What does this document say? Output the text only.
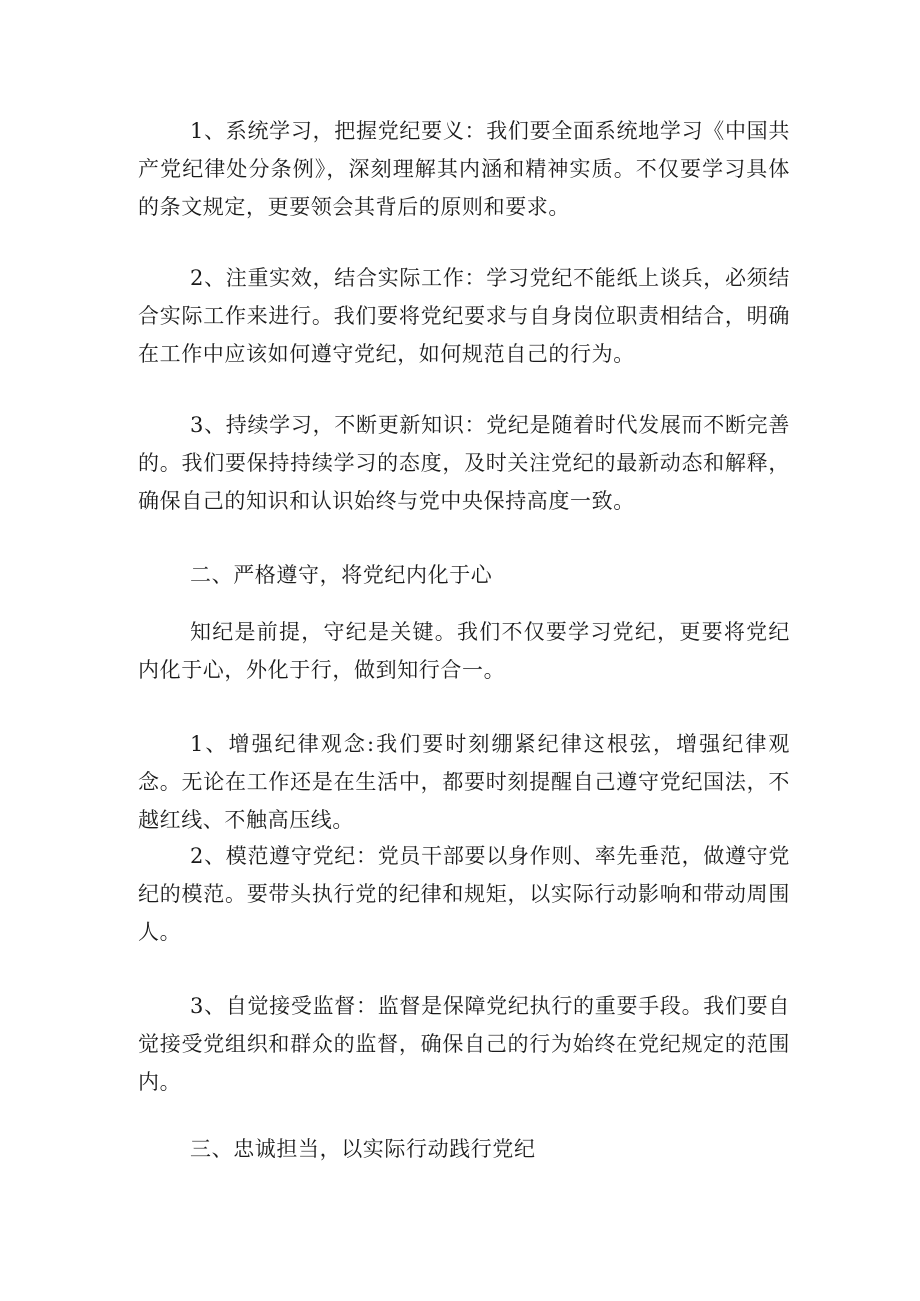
1、系统学习，把握党纪要义：我们要全面系统地学习《中国共产党纪律处分条例》，深刻理解其内涵和精神实质。不仅要学习具体的条文规定，更要领会其背后的原则和要求。

2、注重实效，结合实际工作：学习党纪不能纸上谈兵，必须结合实际工作来进行。我们要将党纪要求与自身岗位职责相结合，明确在工作中应该如何遵守党纪，如何规范自己的行为。

3、持续学习，不断更新知识：党纪是随着时代发展而不断完善的。我们要保持持续学习的态度，及时关注党纪的最新动态和解释，确保自己的知识和认识始终与党中央保持高度一致。

二、严格遵守，将党纪内化于心

知纪是前提，守纪是关键。我们不仅要学习党纪，更要将党纪内化于心，外化于行，做到知行合一。

1、增强纪律观念:我们要时刻绷紧纪律这根弦，增强纪律观念。无论在工作还是在生活中，都要时刻提醒自己遵守党纪国法，不越红线、不触高压线。

2、模范遵守党纪：党员干部要以身作则、率先垂范，做遵守党纪的模范。要带头执行党的纪律和规矩，以实际行动影响和带动周围人。

3、自觉接受监督：监督是保障党纪执行的重要手段。我们要自觉接受党组织和群众的监督，确保自己的行为始终在党纪规定的范围内。

三、忠诚担当，以实际行动践行党纪
